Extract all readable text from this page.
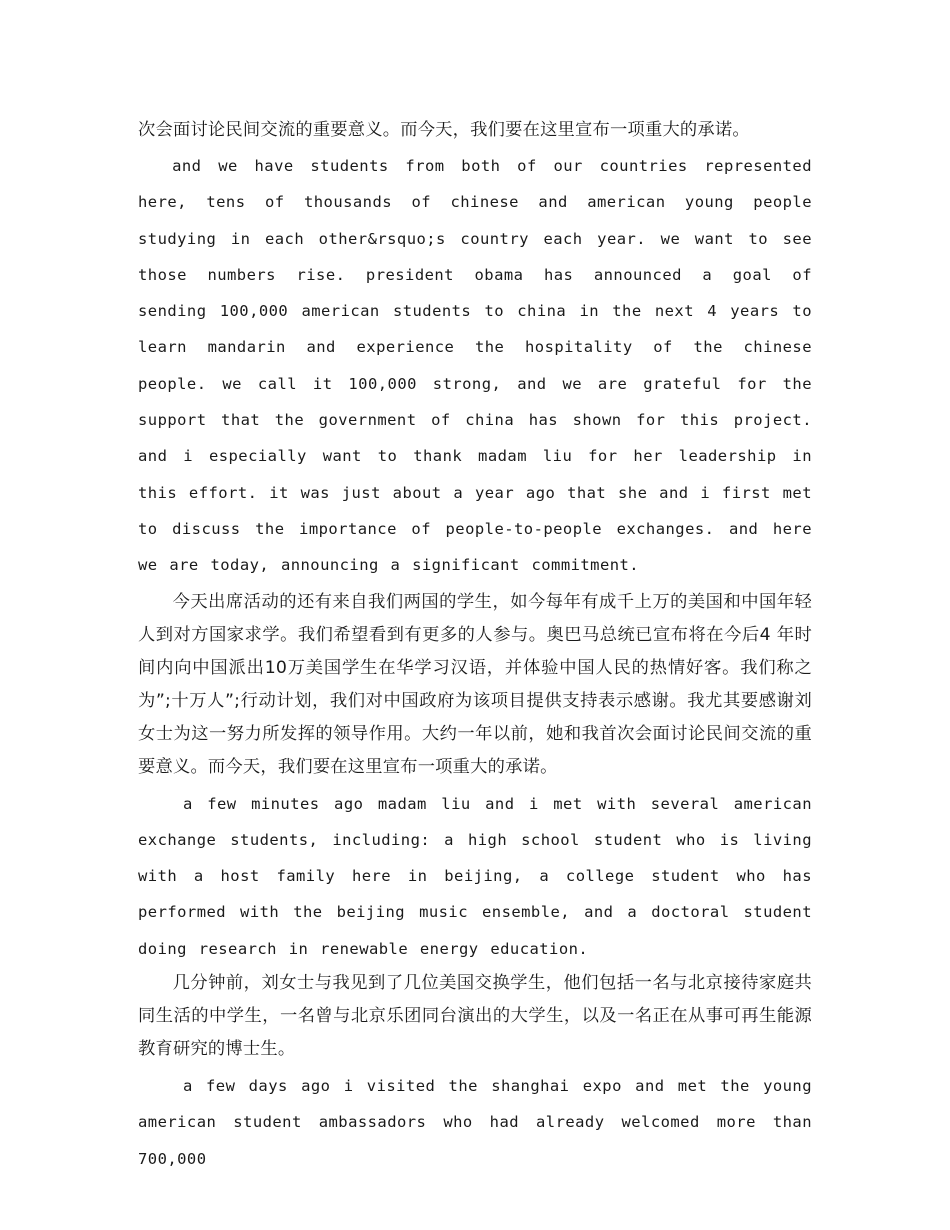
次会面讨论民间交流的重要意义。而今天，我们要在这里宣布一项重大的承诺。

and we have students from both of our countries represented here, tens of thousands of chinese and american young people studying in each other&rsquo;s country each year. we want to see those numbers rise. president obama has announced a goal of sending 100,000 american students to china in the next 4 years to learn mandarin and experience the hospitality of the chinese people. we call it 100,000 strong, and we are grateful for the support that the government of china has shown for this project. and i especially want to thank madam liu for her leadership in this effort. it was just about a year ago that she and i first met to discuss the importance of people-to-people exchanges. and here we are today, announcing a significant commitment.

今天出席活动的还有来自我们两国的学生，如今每年有成千上万的美国和中国年轻人到对方国家求学。我们希望看到有更多的人参与。奥巴马总统已宣布将在今后4 年时间内向中国派出10万美国学生在华学习汉语，并体验中国人民的热情好客。我们称之为”;十万人”;行动计划，我们对中国政府为该项目提供支持表示感谢。我尤其要感谢刘女士为这一努力所发挥的领导作用。大约一年以前，她和我首次会面讨论民间交流的重要意义。而今天，我们要在这里宣布一项重大的承诺。

a few minutes ago madam liu and i met with several american exchange students, including: a high school student who is living with a host family here in beijing, a college student who has performed with the beijing music ensemble, and a doctoral student doing research in renewable energy education.

几分钟前，刘女士与我见到了几位美国交换学生，他们包括一名与北京接待家庭共同生活的中学生，一名曾与北京乐团同台演出的大学生，以及一名正在从事可再生能源教育研究的博士生。

a few days ago i visited the shanghai expo and met the young american student ambassadors who had already welcomed more than 700,000
